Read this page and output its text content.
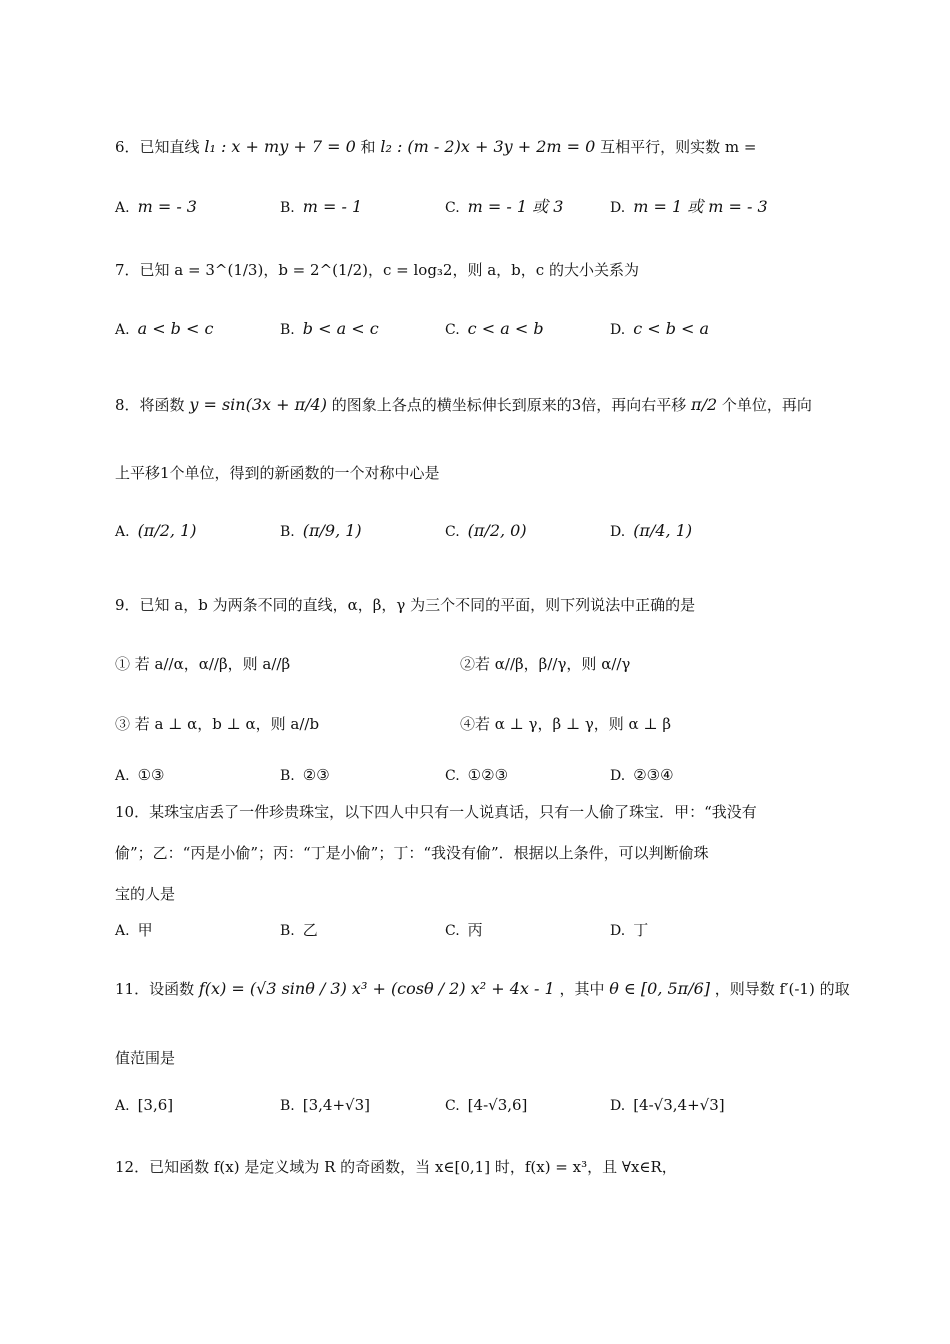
6．已知直线 l₁ : x + my + 7 = 0 和 l₂ : (m - 2)x + 3y + 2m = 0 互相平行，则实数 m =
A. m = - 3	B. m = - 1	C. m = - 1 或 3	D. m = 1 或 m = - 3
7．已知 a = 3^(1/3)，b = 2^(1/2)，c = log₃2，则 a，b，c 的大小关系为
A. a < b < c	B. b < a < c	C. c < a < b	D. c < b < a
8．将函数 y = sin(3x + π/4) 的图象上各点的横坐标伸长到原来的3倍，再向右平移 π/2 个单位，再向
上平移1个单位，得到的新函数的一个对称中心是
A. (π/2, 1)	B. (π/9, 1)	C. (π/2, 0)	D. (π/4, 1)
9．已知 a，b 为两条不同的直线，α，β，γ 为三个不同的平面，则下列说法中正确的是
① 若 a//α，α//β，则 a//β	②若 α//β，β//γ，则 α//γ
③ 若 a ⊥ α，b ⊥ α，则 a//b	④若 α ⊥ γ，β ⊥ γ，则 α ⊥ β
A. ①③	B. ②③	C. ①②③	D. ②③④
10．某珠宝店丢了一件珍贵珠宝，以下四人中只有一人说真话，只有一人偷了珠宝．甲：“我没有
偷”；乙：“丙是小偷”；丙：“丁是小偷”；丁：“我没有偷”．根据以上条件，可以判断偷珠
宝的人是
A. 甲	B. 乙	C. 丙	D. 丁
11．设函数 f(x) = (√3 sinθ / 3) x³ + (cosθ / 2) x² + 4x - 1 ，其中 θ ∈ [0, 5π/6] ，则导数 f′(-1) 的取
值范围是
A. [3,6]	B. [3,4+√3]	C. [4-√3,6]	D. [4-√3,4+√3]
12．已知函数 f(x) 是定义域为 R 的奇函数，当 x∈[0,1] 时，f(x) = x³，且 ∀x∈R，
